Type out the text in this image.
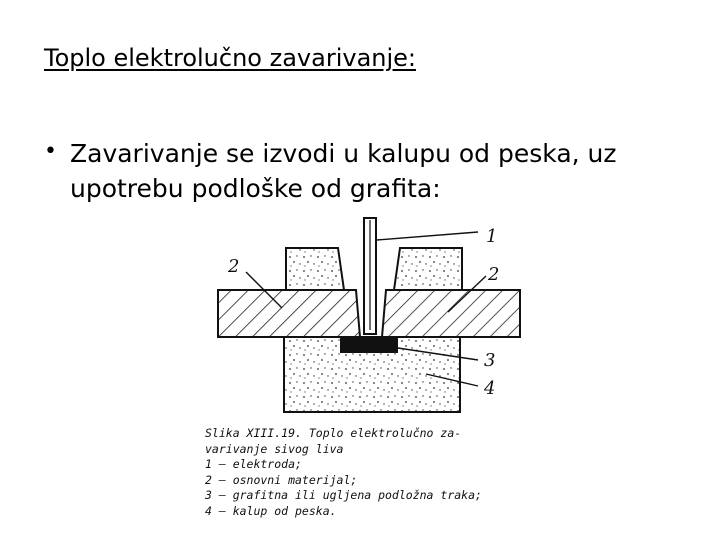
Toplo elektrolučno zavarivanje:
• Zavarivanje se izvodi u kalupu od peska, uz upotrebu podloške od grafita:
1
2	2
3
4
Slika XIII.19. Toplo elektrolučno za-
varivanje sivog liva
1 — elektroda;
2 — osnovni materijal;
3 — grafitna ili ugljena podložna traka;
4 — kalup od peska.
